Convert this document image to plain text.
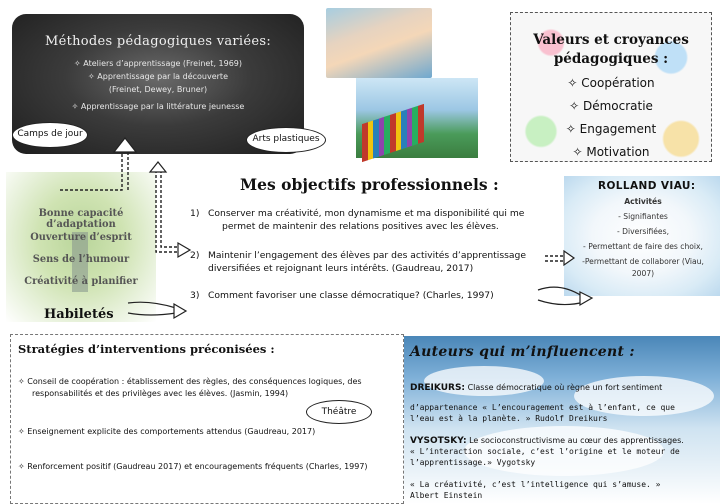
Méthodes pédagogiques variées:
✧ Ateliers d’apprentissage (Freinet, 1969)
✧ Apprentissage par la découverte
(Freinet, Dewey, Bruner)
✧ Apprentissage par la littérature jeunesse
Camps de jour	Arts plastiques
Valeurs et croyances
pédagogiques :
✧ Coopération
✧ Démocratie
✧ Engagement
✧ Motivation
Bonne capacité d’adaptation
Ouverture d’esprit
Sens de l’humour
Créativité à planifier
Habiletés
Mes objectifs professionnels :
1) Conserver ma créativité, mon dynamisme et ma disponibilité qui me
permet de maintenir des relations positives avec les élèves.
2) Maintenir l’engagement des élèves par des activités d’apprentissage
diversifiées et rejoignant leurs intérêts. (Gaudreau, 2017)
3) Comment favoriser une classe démocratique? (Charles, 1997)
ROLLAND VIAU:
Activités
- Signifiantes
- Diversifiées,
- Permettant de faire des choix,
-Permettant de collaborer (Viau,
2007)
Stratégies d’interventions préconisées :
✧ Conseil de coopération : établissement des règles, des conséquences logiques, des
responsabilités et des privilèges avec les élèves. (Jasmin, 1994)
✧ Enseignement explicite des comportements attendus (Gaudreau, 2017)
✧ Renforcement positif (Gaudreau 2017) et encouragements fréquents (Charles, 1997)
Théâtre
Auteurs qui m’influencent :
DREIKURS: Classe démocratique où règne un fort sentiment
d’appartenance « L’encouragement est à l’enfant, ce que
l’eau est à la planète. » Rudolf Dreikurs
VYSOTSKY: Le socioconstructivisme au cœur des apprentissages.
« L’interaction sociale, c’est l’origine et le moteur de
l’apprentissage.» Vygotsky
« La créativité, c’est l’intelligence qui s’amuse. »
Albert Einstein
